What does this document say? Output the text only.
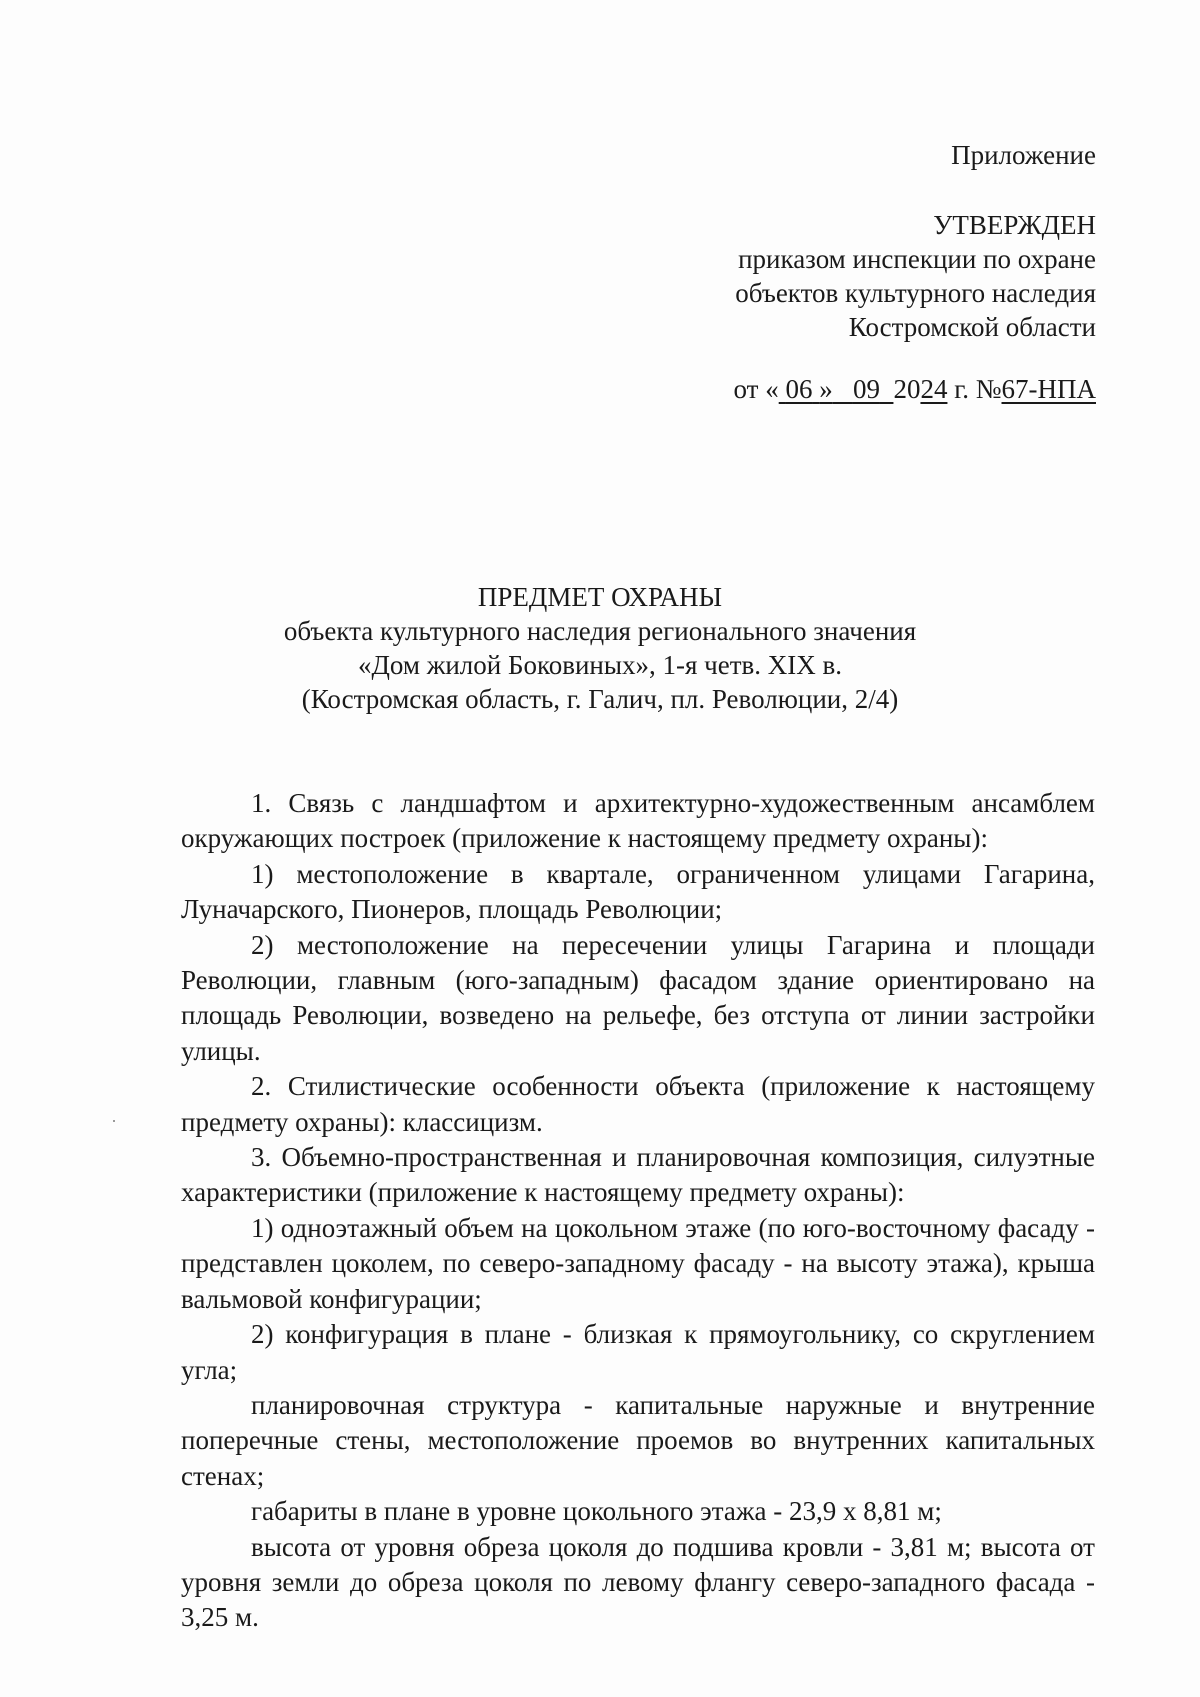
Приложение
УТВЕРЖДЕН
приказом инспекции по охране
объектов культурного наследия
Костромской области
от « 06 » 09 2024 г. №67-НПА
ПРЕДМЕТ ОХРАНЫ
объекта культурного наследия регионального значения
«Дом жилой Боковиных», 1-я четв. XIX в.
(Костромская область, г. Галич, пл. Революции, 2/4)

1. Связь с ландшафтом и архитектурно-художественным ансамблем окружающих построек (приложение к настоящему предмету охраны):

1) местоположение в квартале, ограниченном улицами Гагарина, Луначарского, Пионеров, площадь Революции;

2) местоположение на пересечении улицы Гагарина и площади Революции, главным (юго-западным) фасадом здание ориентировано на площадь Революции, возведено на рельефе, без отступа от линии застройки улицы.

2. Стилистические особенности объекта (приложение к настоящему предмету охраны): классицизм.

3. Объемно-пространственная и планировочная композиция, силуэтные характеристики (приложение к настоящему предмету охраны):

1) одноэтажный объем на цокольном этаже (по юго-восточному фасаду - представлен цоколем, по северо-западному фасаду - на высоту этажа), крыша вальмовой конфигурации;

2) конфигурация в плане - близкая к прямоугольнику, со скруглением угла;

планировочная структура - капитальные наружные и внутренние поперечные стены, местоположение проемов во внутренних капитальных стенах;

габариты в плане в уровне цокольного этажа - 23,9 х 8,81 м;

высота от уровня обреза цоколя до подшива кровли - 3,81 м; высота от уровня земли до обреза цоколя по левому флангу северо-западного фасада - 3,25 м.
